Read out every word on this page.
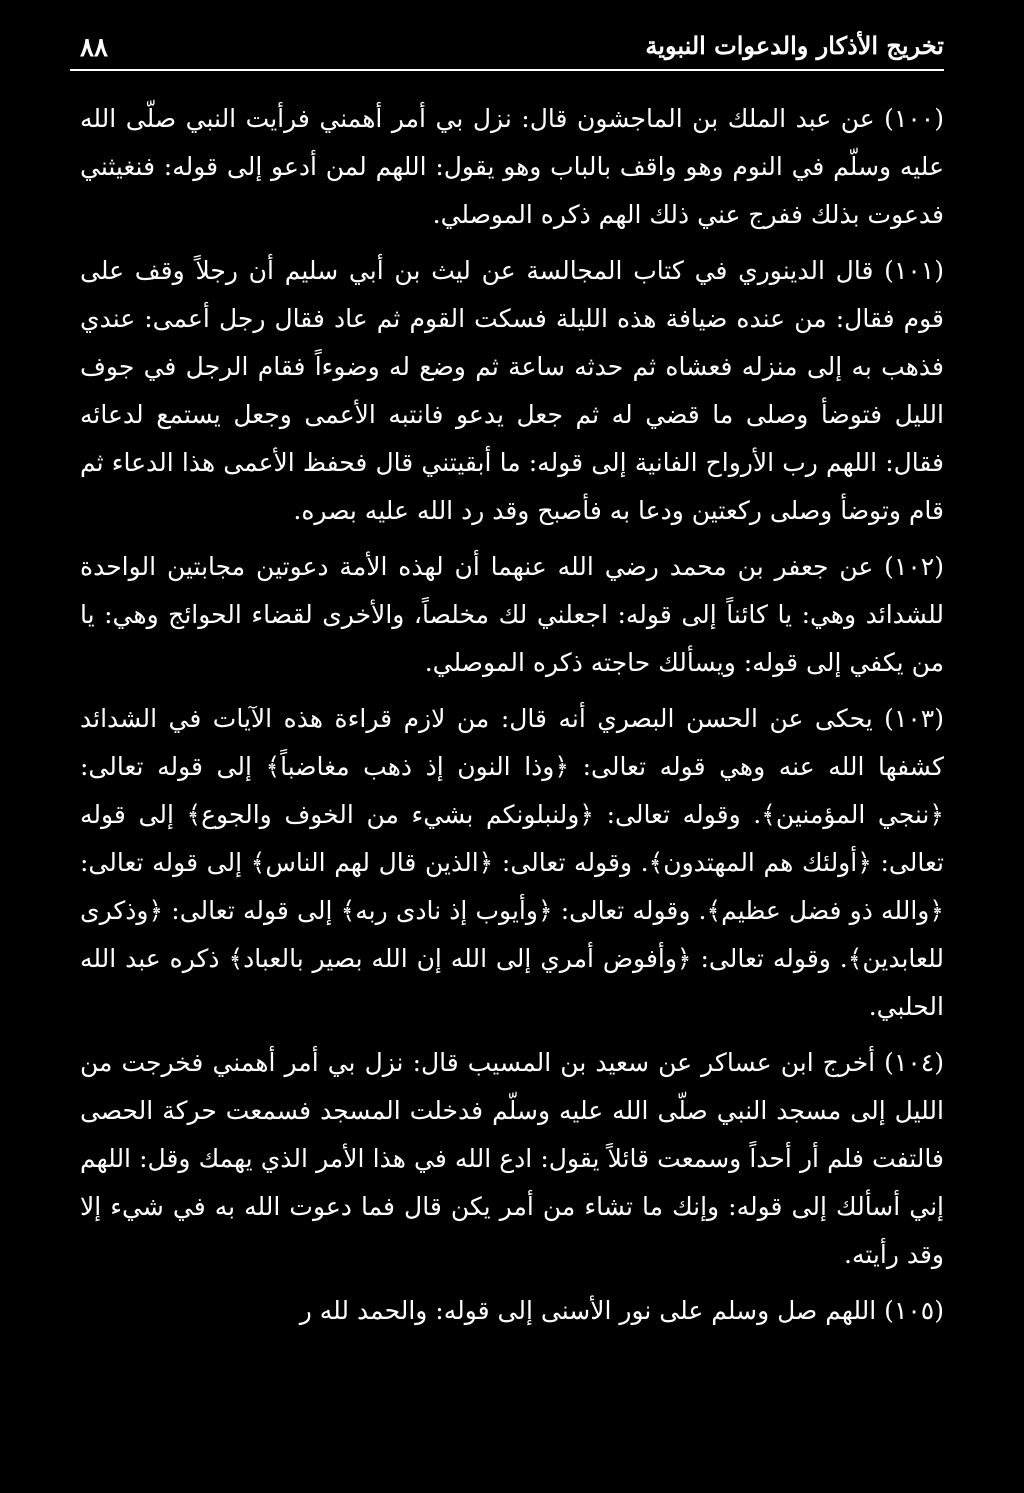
٨٨	تخريج الأذكار والدعوات النبوية

(١٠٠) عن عبد الملك بن الماجشون قال: نزل بي أمر أهمني فرأيت النبي صلّى الله عليه وسلّم في النوم وهو واقف بالباب وهو يقول: اللهم لمن أدعو إلى قوله: فنغيثني فدعوت بذلك ففرج عني ذلك الهم ذكره الموصلي.

(١٠١) قال الدينوري في كتاب المجالسة عن ليث بن أبي سليم أن رجلاً وقف على قوم فقال: من عنده ضيافة هذه الليلة فسكت القوم ثم عاد فقال رجل أعمى: عندي فذهب به إلى منزله فعشاه ثم حدثه ساعة ثم وضع له وضوءاً فقام الرجل في جوف الليل فتوضأ وصلى ما قضي له ثم جعل يدعو فانتبه الأعمى وجعل يستمع لدعائه فقال: اللهم رب الأرواح الفانية إلى قوله: ما أبقيتني قال فحفظ الأعمى هذا الدعاء ثم قام وتوضأ وصلى ركعتين ودعا به فأصبح وقد رد الله عليه بصره.

(١٠٢) عن جعفر بن محمد رضي الله عنهما أن لهذه الأمة دعوتين مجابتين الواحدة للشدائد وهي: يا كائناً إلى قوله: اجعلني لك مخلصاً، والأخرى لقضاء الحوائج وهي: يا من يكفي إلى قوله: ويسألك حاجته ذكره الموصلي.

(١٠٣) يحكى عن الحسن البصري أنه قال: من لازم قراءة هذه الآيات في الشدائد كشفها الله عنه وهي قوله تعالى: ﴿وذا النون إذ ذهب مغاضباً﴾ إلى قوله تعالى: ﴿ننجي المؤمنين﴾. وقوله تعالى: ﴿ولنبلونكم بشيء من الخوف والجوع﴾ إلى قوله تعالى: ﴿أولئك هم المهتدون﴾. وقوله تعالى: ﴿الذين قال لهم الناس﴾ إلى قوله تعالى: ﴿والله ذو فضل عظيم﴾. وقوله تعالى: ﴿وأيوب إذ نادى ربه﴾ إلى قوله تعالى: ﴿وذكرى للعابدين﴾. وقوله تعالى: ﴿وأفوض أمري إلى الله إن الله بصير بالعباد﴾ ذكره عبد الله الحلبي.

(١٠٤) أخرج ابن عساكر عن سعيد بن المسيب قال: نزل بي أمر أهمني فخرجت من الليل إلى مسجد النبي صلّى الله عليه وسلّم فدخلت المسجد فسمعت حركة الحصى فالتفت فلم أر أحداً وسمعت قائلاً يقول: ادع الله في هذا الأمر الذي يهمك وقل: اللهم إني أسألك إلى قوله: وإنك ما تشاء من أمر يكن قال فما دعوت الله به في شيء إلا وقد رأيته.

(١٠٥) اللهم صل وسلم على نور الأسنى إلى قوله: والحمد لله ر
